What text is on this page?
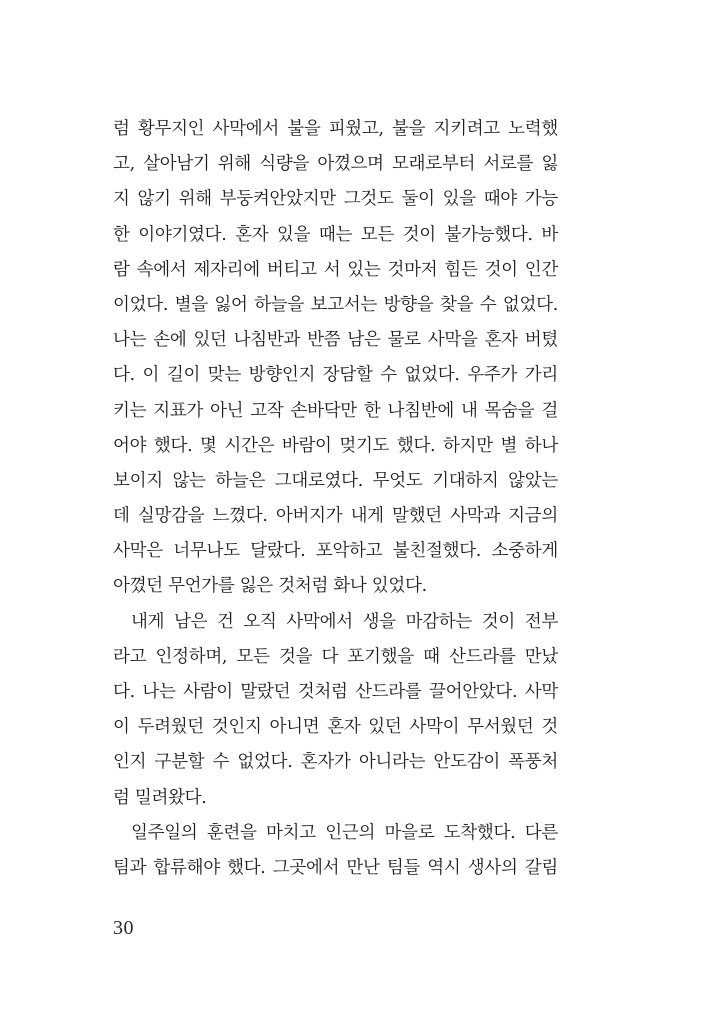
럼 황무지인 사막에서 불을 피웠고, 불을 지키려고 노력했
고, 살아남기 위해 식량을 아꼈으며 모래로부터 서로를 잃
지 않기 위해 부둥켜안았지만 그것도 둘이 있을 때야 가능
한 이야기였다. 혼자 있을 때는 모든 것이 불가능했다. 바
람 속에서 제자리에 버티고 서 있는 것마저 힘든 것이 인간
이었다. 별을 잃어 하늘을 보고서는 방향을 찾을 수 없었다.
나는 손에 있던 나침반과 반쯤 남은 물로 사막을 혼자 버텼
다. 이 길이 맞는 방향인지 장담할 수 없었다. 우주가 가리
키는 지표가 아닌 고작 손바닥만 한 나침반에 내 목숨을 걸
어야 했다. 몇 시간은 바람이 멎기도 했다. 하지만 별 하나
보이지 않는 하늘은 그대로였다. 무엇도 기대하지 않았는
데 실망감을 느꼈다. 아버지가 내게 말했던 사막과 지금의
사막은 너무나도 달랐다. 포악하고 불친절했다. 소중하게
아꼈던 무언가를 잃은 것처럼 화나 있었다.
내게 남은 건 오직 사막에서 생을 마감하는 것이 전부
라고 인정하며, 모든 것을 다 포기했을 때 산드라를 만났
다. 나는 사람이 말랐던 것처럼 산드라를 끌어안았다. 사막
이 두려웠던 것인지 아니면 혼자 있던 사막이 무서웠던 것
인지 구분할 수 없었다. 혼자가 아니라는 안도감이 폭풍처
럼 밀려왔다.
일주일의 훈련을 마치고 인근의 마을로 도착했다. 다른
팀과 합류해야 했다. 그곳에서 만난 팀들 역시 생사의 갈림
30
